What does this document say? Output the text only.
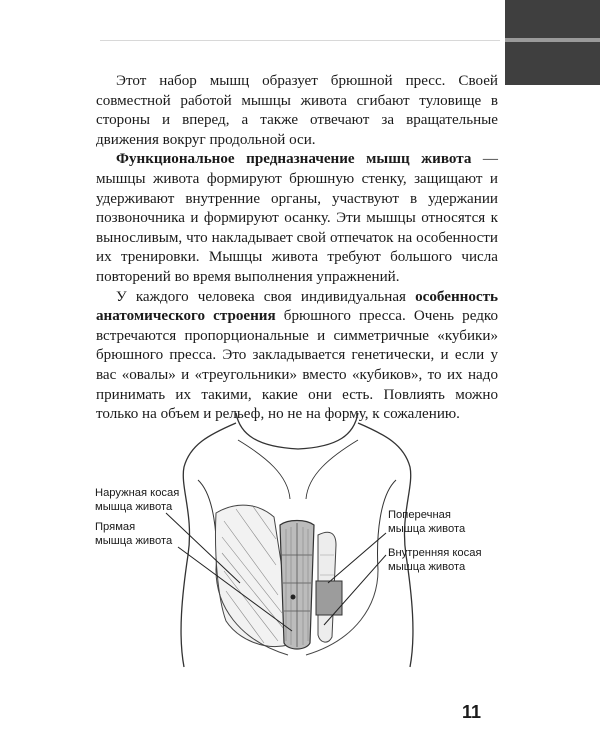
Этот набор мышц образует брюшной пресс. Своей совместной работой мышцы живота сгибают туловище в стороны и вперед, а также отвечают за вращательные движения вокруг продольной оси.

Функциональное предназначение мышц живота — мышцы живота формируют брюшную стенку, защищают и удерживают внутренние органы, участвуют в удержании позвоночника и формируют осанку. Эти мышцы относятся к выносливым, что накладывает свой отпечаток на особенности их тренировки. Мышцы живота требуют большого числа повторений во время выполнения упражнений.

У каждого человека своя индивидуальная особенность анатомического строения брюшного пресса. Очень редко встречаются пропорциональные и симметричные «кубики» брюшного пресса. Это закладывается генетически, и если у вас «овалы» и «треугольники» вместо «кубиков», то их надо принимать их такими, какие они есть. Повлиять можно только на объем и рельеф, но не на форму, к сожалению.

Наружная косая
мышца живота
Прямая
мышца живота
Поперечная
мышца живота
Внутренняя косая
мышца живота
11
